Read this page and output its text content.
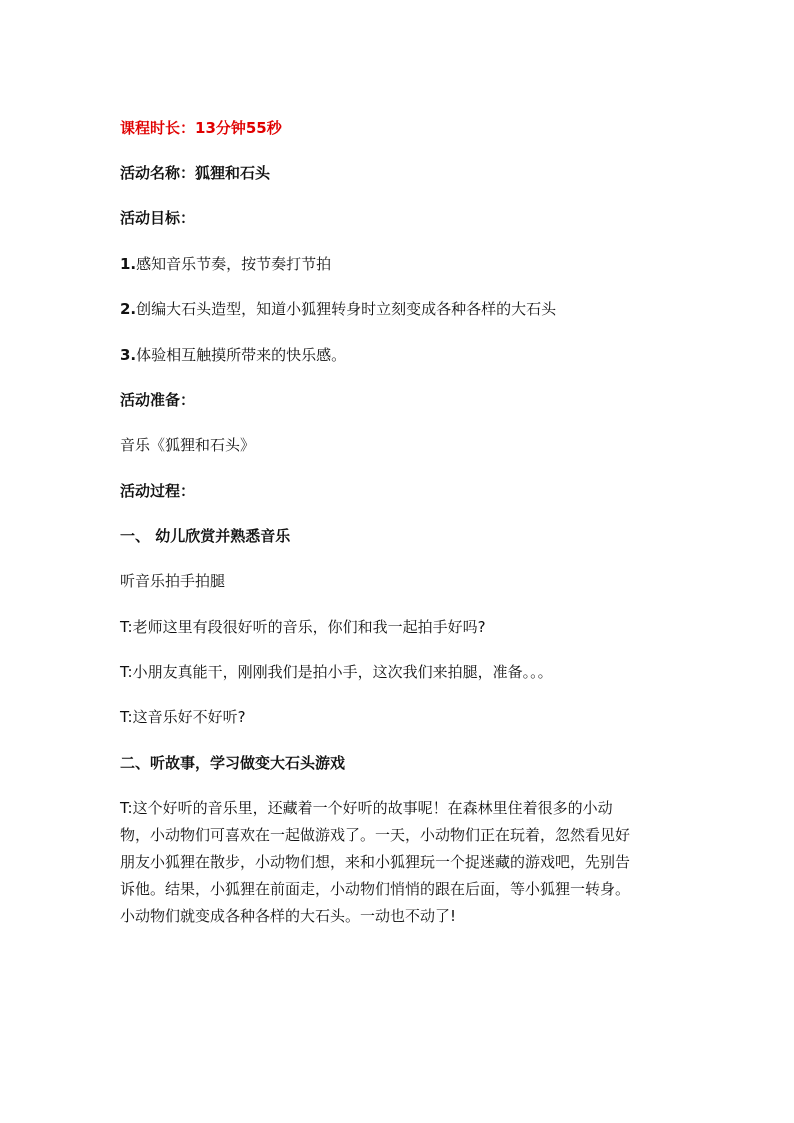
课程时长：13分钟55秒
活动名称：狐狸和石头
活动目标：
1.感知音乐节奏，按节奏打节拍
2.创编大石头造型，知道小狐狸转身时立刻变成各种各样的大石头
3.体验相互触摸所带来的快乐感。
活动准备：
音乐《狐狸和石头》
活动过程：
一、 幼儿欣赏并熟悉音乐
听音乐拍手拍腿
T:老师这里有段很好听的音乐，你们和我一起拍手好吗?
T:小朋友真能干，刚刚我们是拍小手，这次我们来拍腿，准备。。。
T:这音乐好不好听?
二、听故事，学习做变大石头游戏
T:这个好听的音乐里，还藏着一个好听的故事呢！在森林里住着很多的小动
物，小动物们可喜欢在一起做游戏了。一天，小动物们正在玩着，忽然看见好
朋友小狐狸在散步，小动物们想，来和小狐狸玩一个捉迷藏的游戏吧，先别告
诉他。结果，小狐狸在前面走，小动物们悄悄的跟在后面，等小狐狸一转身。
小动物们就变成各种各样的大石头。一动也不动了!
